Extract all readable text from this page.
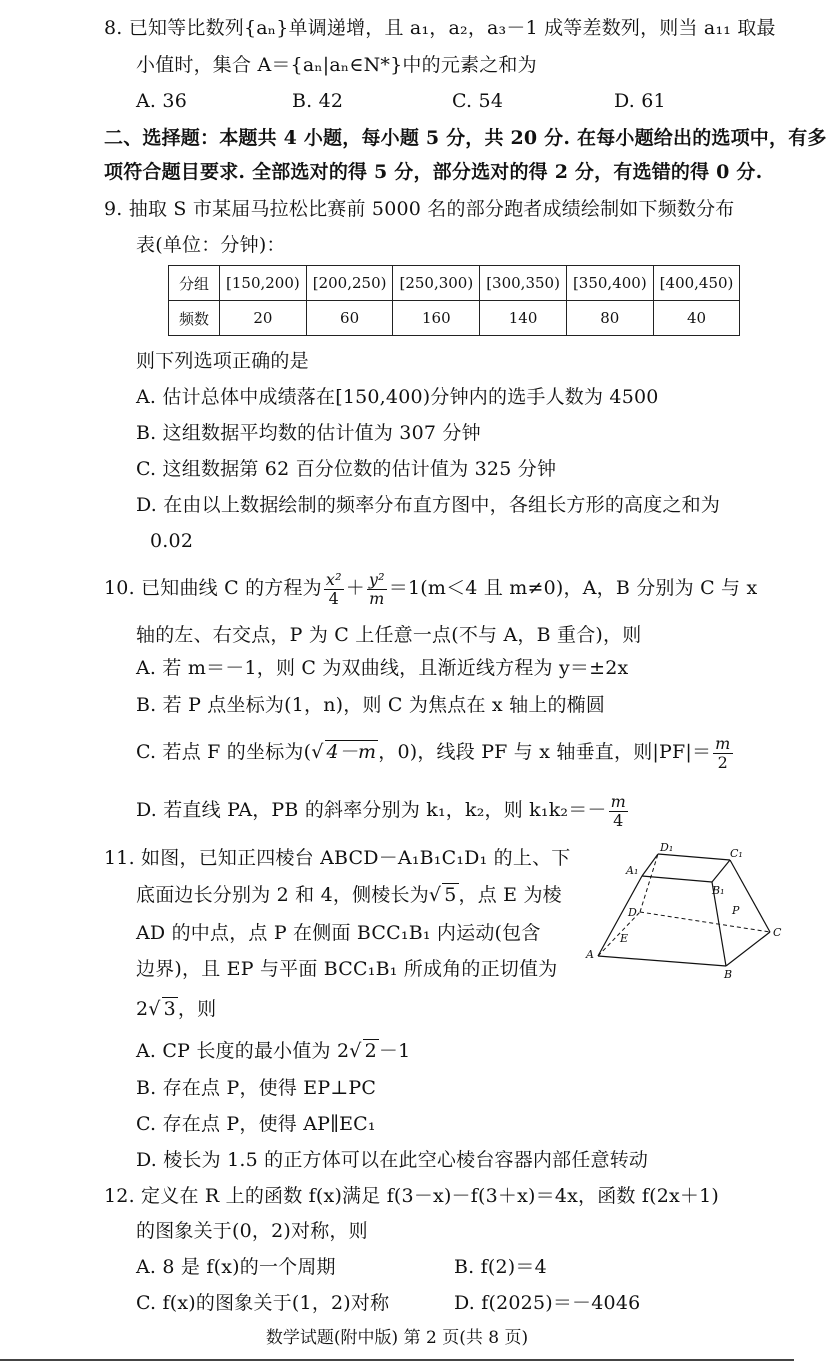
8. 已知等比数列{aₙ}单调递增，且 a₁，a₂，a₃－1 成等差数列，则当 a₁₁ 取最
小值时，集合 A＝{aₙ|aₙ∈N*}中的元素之和为
A. 36	B. 42	C. 54	D. 61
二、选择题：本题共 4 小题，每小题 5 分，共 20 分. 在每小题给出的选项中，有多
项符合题目要求. 全部选对的得 5 分，部分选对的得 2 分，有选错的得 0 分.
9. 抽取 S 市某届马拉松比赛前 5000 名的部分跑者成绩绘制如下频数分布
表(单位：分钟)：
分组	[150,200)	[200,250)	[250,300)	[300,350)	[350,400)	[400,450)
频数	20	60	160	140	80	40
则下列选项正确的是
A. 估计总体中成绩落在[150,400)分钟内的选手人数为 4500
B. 这组数据平均数的估计值为 307 分钟
C. 这组数据第 62 百分位数的估计值为 325 分钟
D. 在由以上数据绘制的频率分布直方图中，各组长方形的高度之和为
0.02
10. 已知曲线 C 的方程为 $\frac{\text{x²}}{4} + \frac{\text{y²}}{m} =1(m<4$ 且 m≠0)，A，B 分别为 C 与 x
轴的左、右交点，P 为 C 上任意一点(不与 A，B 重合)，则
A. 若 m＝－1，则 C 为双曲线，且渐近线方程为 y＝±2x
B. 若 P 点坐标为(1，n)，则 C 为焦点在 x 轴上的椭圆
C. 若点 F 的坐标为(√ 4－m ，0)，线段 PF 与 x 轴垂直，则$|PF|= \frac{m}{2}$
D. 若直线 PA，PB 的斜率分别为 k₁，k₂，则 $k_1k_2=- \frac{m}{4}$
11. 如图，已知正四棱台 ABCD－A₁B₁C₁D₁ 的上、下
底面边长分别为 2 和 4，侧棱长为√ 5 ，点 E 为棱
AD 的中点，点 P 在侧面 BCC₁B₁ 内运动(包含
边界)，且 EP 与平面 BCC₁B₁ 所成角的正切值为
2√ 3 ，则
A. CP 长度的最小值为 2√ 2 －1
B. 存在点 P，使得 EP⊥PC
C. 存在点 P，使得 AP∥EC₁
D. 棱长为 1.5 的正方体可以在此空心棱台容器内部任意转动
D₁	C₁
A₁
B₁
D
C
A
B
E
P
12. 定义在 R 上的函数 f(x)满足 f(3－x)－f(3＋x)＝4x，函数 f(2x＋1)
的图象关于(0，2)对称，则
A. 8 是 f(x)的一个周期	B. f(2)＝4
C. f(x)的图象关于(1，2)对称	D. f(2025)＝－4046
数学试题(附中版) 第 2 页(共 8 页)
